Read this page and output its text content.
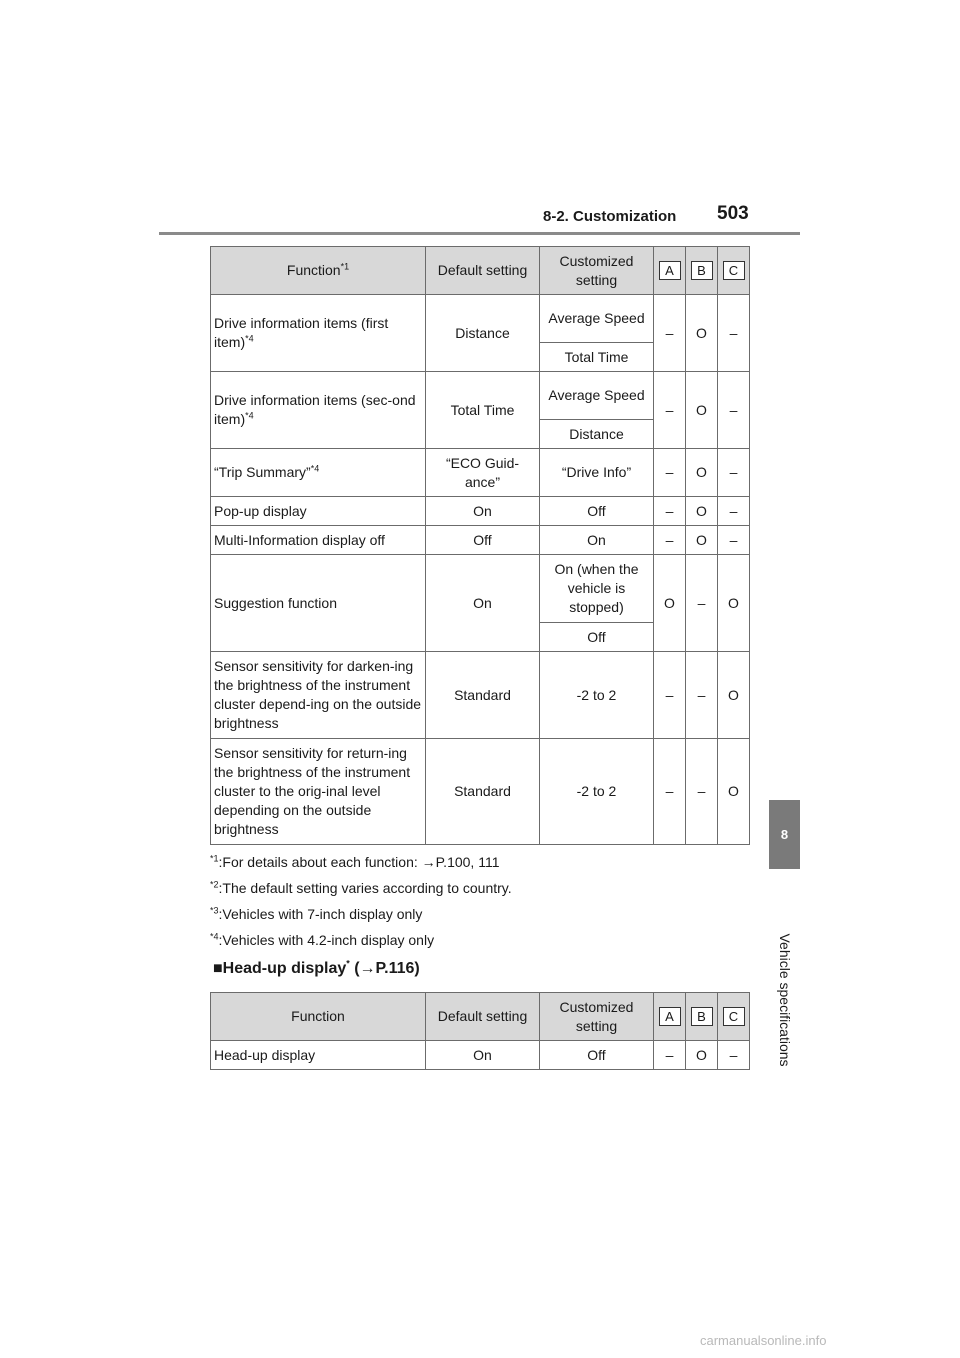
8-2. Customization 503
8
Vehicle specifications
Function$^{*1}$	Default setting	Customized setting	A	B	C

Drive information items (first item)$^{*4}$	Distance	Average Speed	–	O	–
		Total Time			
Drive information items (sec-ond item)$^{*4}$	Total Time	Average Speed	–	O	–
		Distance			
“Trip Summary”$^{*4}$	“ECO Guid-ance”	“Drive Info”	–	O	–
Pop-up display	On	Off	–	O	–
Multi-Information display off	Off	On	–	O	–
Suggestion function	On	On (when the vehicle is stopped)	O	–	O
		Off			
Sensor sensitivity for darken-ing the brightness of the instrument cluster depend-ing on the outside brightness	Standard	-2 to 2	–	–	O
Sensor sensitivity for return-ing the brightness of the instrument cluster to the orig-inal level depending on the outside brightness	Standard	-2 to 2	–	–	O
$^{*1}$:For details about each function: →P.100, 111
$^{*2}$:The default setting varies according to country.
$^{*3}$:Vehicles with 7-inch display only
$^{*4}$:Vehicles with 4.2-inch display only
■Head-up display* (→P.116)
Function	Default setting	Customized setting	A	B	C

Head-up display	On	Off	–	O	–
carmanualsonline.info
